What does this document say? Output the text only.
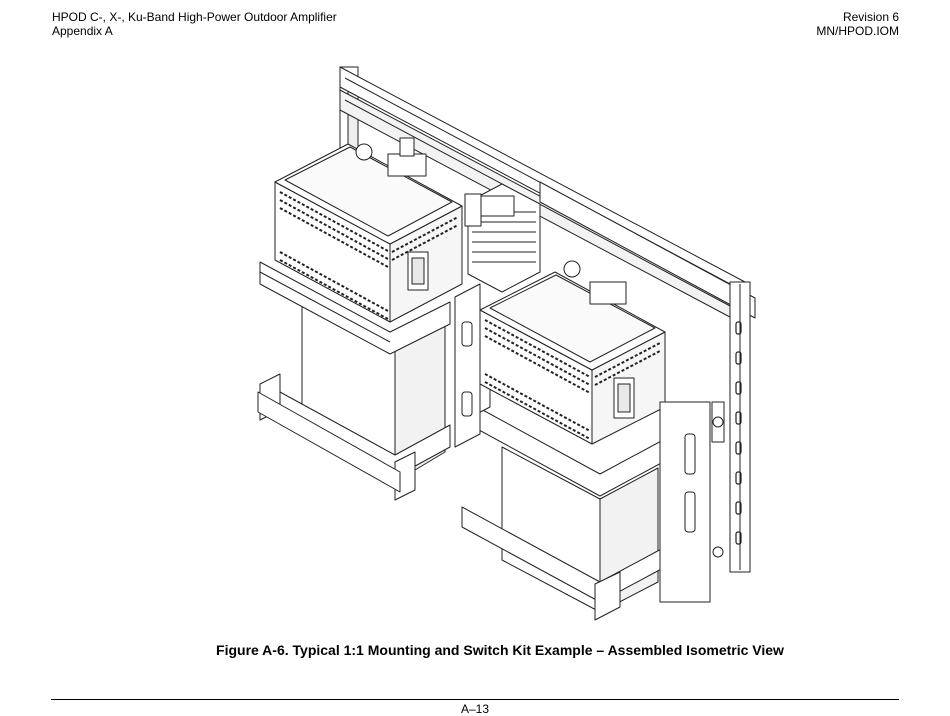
HPOD C-, X-, Ku-Band High-Power Outdoor Amplifier
Appendix A
Revision 6
MN/HPOD.IOM
Figure A-6. Typical 1:1 Mounting and Switch Kit Example – Assembled Isometric View
A–13
